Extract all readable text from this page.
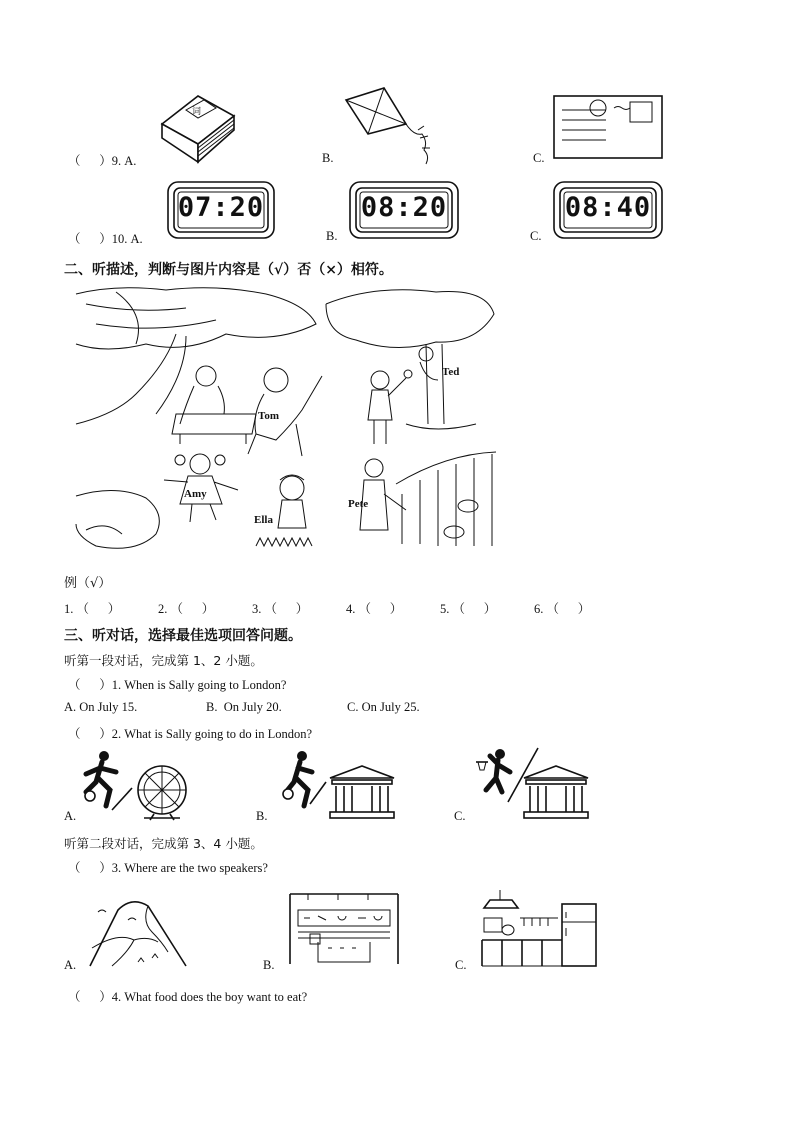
（      ）9. A.
词
B.	C.
（      ）10. A.
07:20
B.
08:20
C.
08:40
二、听描述，判断与图片内容是（√）否（×）相符。
Ted
Tom
Amy
Ella
Pete
例（√）
1. （      ）	2. （      ）	3. （      ）	4. （      ）	5. （      ）	6. （      ）
三、听对话，选择最佳选项回答问题。
听第一段对话，完成第 1、2 小题。
（      ）1. When is Sally going to London?
A. On July 15.	B.  On July 20.	C. On July 25.
（      ）2. What is Sally going to do in London?
A.	B.	C.
听第二段对话，完成第 3、4 小题。
（      ）3. Where are the two speakers?
A.	B.	C.
（      ）4. What food does the boy want to eat?
